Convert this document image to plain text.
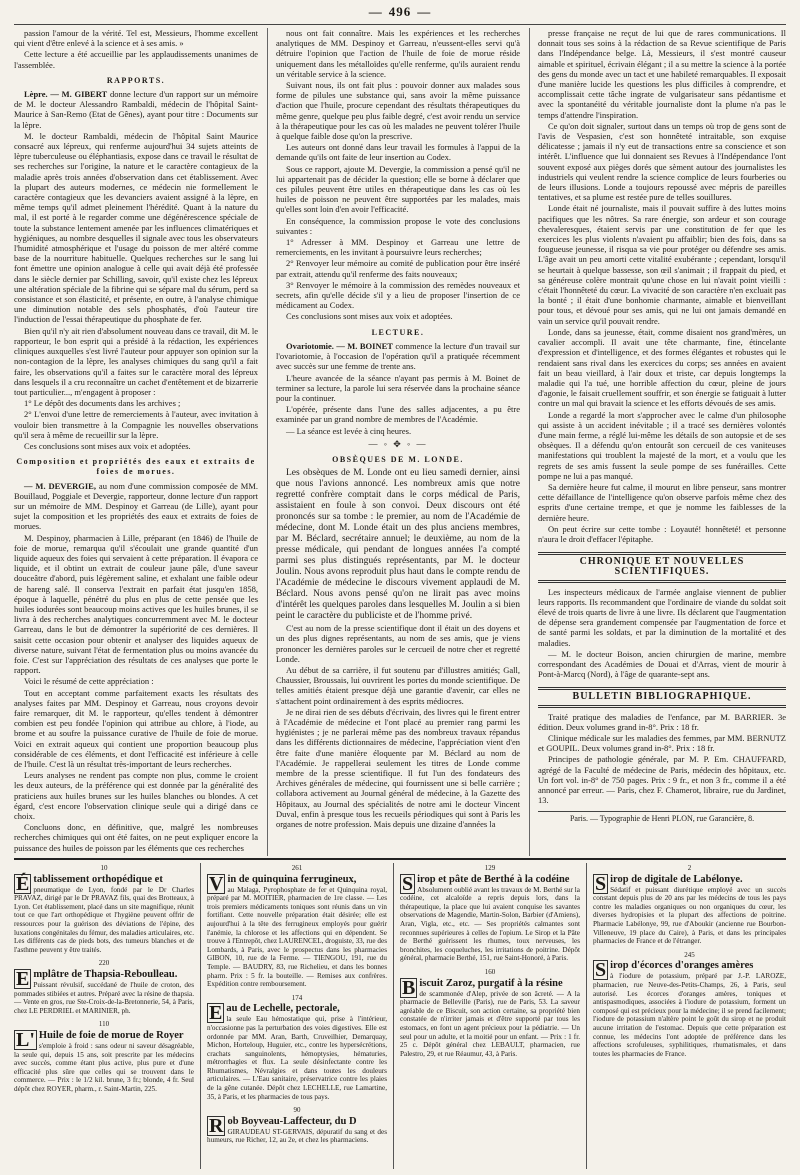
— 496 —

passion l'amour de la vérité. Tel est, Messieurs, l'homme excellent qui vient d'être enlevé à la science et à ses amis. »

Cette lecture a été accueillie par les applaudissements unanimes de l'assemblée.

RAPPORTS.

Lèpre. — M. GIBERT donne lecture d'un rapport sur un mémoire de M. le docteur Alessandro Rambaldi, médecin de l'hôpital Saint-Maurice à San-Remo (Etat de Gênes), ayant pour titre : Documents sur la lèpre.

M. le docteur Rambaldi, médecin de l'hôpital Saint Maurice consacré aux lépreux, qui renferme aujourd'hui 34 sujets atteints de lèpre tuberculeuse ou éléphantiasis, expose dans ce travail le résultat de ses recherches sur l'origine, la nature et le caractère contagieux de la maladie après trois années d'observation dans cet établissement. Avec la plupart des auteurs modernes, ce médecin nie formellement le caractère contagieux que les devanciers avaient assigné à la lèpre, en même temps qu'il admet pleinement l'hérédité. Quant à la nature du mal, il est porté à le regarder comme une dégénérescence spéciale de toute la substance lentement amenée par les influences climatériques et hygiéniques, au nombre desquelles il signale avec tous les observateurs l'humidité atmosphérique et l'usage du poisson de mer altéré comme base de la nourriture habituelle. Quelques recherches sur le sang lui font émettre une opinion analogue à celle qui avait déjà été professée dans le siècle dernier par Schilling, savoir, qu'il existe chez les lépreux une altération spéciale de la fibrine qui se sépare mal du sérum, perd sa consistance et son élasticité, et présente, en outre, à l'analyse chimique une diminution notable des sels phosphatés, d'où l'auteur tire l'induction de l'essai thérapeutique du phosphate de fer.

Bien qu'il n'y ait rien d'absolument nouveau dans ce travail, dit M. le rapporteur, le bon esprit qui a présidé à la rédaction, les expériences cliniques auxquelles s'est livré l'auteur pour appuyer son opinion sur la non-contagion de la lèpre, les analyses chimiques du sang qu'il a fait faire, les observations qu'il a faites sur le caractère moral des lépreux dans lesquels il a cru reconnaître un cachet d'entêtement et de bizarrerie tout particulier..., m'engagent à proposer :

1° Le dépôt des documents dans les archives ;

2° L'envoi d'une lettre de remerciements à l'auteur, avec invitation à vouloir bien transmettre à la Compagnie les nouvelles observations qu'il sera à même de recueillir sur la lèpre.

Ces conclusions sont mises aux voix et adoptées.

Composition et propriétés des eaux et extraits de foies de morues.

— M. DEVERGIE, au nom d'une commission composée de MM. Bouillaud, Poggiale et Devergie, rapporteur, donne lecture d'un rapport sur un mémoire de MM. Despinoy et Garreau (de Lille), ayant pour sujet la composition et les propriétés des eaux et extraits de foies de morues.

M. Despinoy, pharmacien à Lille, préparant (en 1846) de l'huile de foie de morue, remarqua qu'il s'écoulait une grande quantité d'un liquide aqueux des foies qui servaient à cette préparation. Il évapora ce liquide, et il obtint un extrait de couleur jaune pâle, d'une saveur douceâtre d'abord, puis légèrement saline, et exhalant une faible odeur de hareng salé. Il conserva l'extrait en parfait état jusqu'en 1858, époque à laquelle, pénétré du plus en plus de cette pensée que les huiles iodurées sont beaucoup moins actives que les huiles brunes, il se livra à des recherches analytiques concurremment avec M. le docteur Garreau, dans le but de démontrer la supériorité de ces dernières. Il saisit cette occasion pour obtenir et analyser des liquides aqueux de diverse nature, suivant l'état de fermentation plus ou moins avancée du foie. C'est sur l'appréciation des résultats de ces analyses que porte le rapport.

Voici le résumé de cette appréciation :

Tout en acceptant comme parfaitement exacts les résultats des analyses faites par MM. Despinoy et Garreau, nous croyons devoir faire remarquer, dit M. le rapporteur, qu'elles tendent à démontrer combien est peu fondée l'opinion qui attribue au chlore, à l'iode, au brome et au soufre la puissance curative de l'huile de foie de morue. Voici en extrait aqueux qui contient une proportion beaucoup plus considérable de ces éléments, et dont l'efficacité est inférieure à celle de l'huile. C'est là un résultat très-important de leurs recherches.

Leurs analyses ne rendent pas compte non plus, comme le croient les deux auteurs, de la préférence qui est donnée par la généralité des praticiens aux huiles brunes sur les huiles blanches ou blondes. A cet égard, c'est encore l'observation clinique seule qui a dirigé dans ce choix.

Concluons donc, en définitive, que, malgré les nombreuses recherches chimiques qui ont été faites, on ne peut expliquer encore la puissance des huiles de poisson par les éléments que ces recherches

nous ont fait connaître. Mais les expériences et les recherches analytiques de MM. Despinoy et Garreau, n'eussent-elles servi qu'à détruire l'opinion que l'action de l'huile de foie de morue réside uniquement dans les métalloïdes qu'elle renferme, qu'ils auraient rendu un véritable service à la science.

Suivant nous, ils ont fait plus : pouvoir donner aux malades sous forme de pilules une substance qui, sans avoir la même puissance d'action que l'huile, procure cependant des résultats thérapeutiques du même genre, quelque peu plus faible degré, c'est avoir rendu un service à la thérapeutique pour les cas où les malades ne peuvent tolérer l'huile à quelque faible dose qu'on la prescrive.

Les auteurs ont donné dans leur travail les formules à l'appui de la demande qu'ils ont faite de leur insertion au Codex.

Sous ce rapport, ajoute M. Devergie, la commission a pensé qu'il ne lui appartenait pas de décider la question; elle se borne à déclarer que ces pilules peuvent être utiles en thérapeutique dans les cas où les huiles de poisson ne peuvent être supportées par les malades, mais qu'elles sont loin d'en avoir l'efficacité.

En conséquence, la commission propose le vote des conclusions suivantes :

1° Adresser à MM. Despinoy et Garreau une lettre de remerciements, en les invitant à poursuivre leurs recherches;

2° Renvoyer leur mémoire au comité de publication pour être inséré par extrait, attendu qu'il renferme des faits nouveaux;

3° Renvoyer le mémoire à la commission des remèdes nouveaux et secrets, afin qu'elle décide s'il y a lieu de proposer l'insertion de ce médicament au Codex.

Ces conclusions sont mises aux voix et adoptées.

LECTURE.

Ovariotomie. — M. BOINET commence la lecture d'un travail sur l'ovariotomie, à l'occasion de l'opération qu'il a pratiquée récemment avec succès sur une femme de trente ans.

L'heure avancée de la séance n'ayant pas permis à M. Boinet de terminer sa lecture, la parole lui sera réservée dans la prochaine séance pour la continuer.

L'opérée, présente dans l'une des salles adjacentes, a pu être examinée par un grand nombre de membres de l'Académie.

— La séance est levée à cinq heures.

— ◦ ✥ ◦ —
OBSÈQUES DE M. LONDE.

Les obsèques de M. Londe ont eu lieu samedi dernier, ainsi que nous l'avions annoncé. Les nombreux amis que notre regretté confrère comptait dans le corps médical de Paris, assistaient en foule à son convoi. Deux discours ont été prononcés sur sa tombe : le premier, au nom de l'Académie de médecine, dont M. Londe était un des plus anciens membres, par M. Béclard, secrétaire annuel; le deuxième, au nom de la presse médicale, qui pendant de longues années l'a compté parmi ses plus distingués représentants, par M. le docteur Joulin. Nous avons reproduit plus haut dans le compte rendu de l'Académie de médecine le discours vivement applaudi de M. Béclard. Nous avons pensé qu'on ne lirait pas avec moins d'intérêt les quelques paroles dans lesquelles M. Joulin a si bien peint le caractère du publiciste et de l'homme privé.

C'est au nom de la presse scientifique dont il était un des doyens et un des plus dignes représentants, au nom de ses amis, que je viens prononcer les dernières paroles sur le cercueil de notre cher et regretté Londe.

Au début de sa carrière, il fut soutenu par d'illustres amitiés; Gall, Chaussier, Broussais, lui ouvrirent les portes du monde scientifique. De telles amitiés étaient presque déjà une garantie d'avenir, car elles ne s'attachent point ordinairement à des esprits médiocres.

Je ne dirai rien de ses débuts d'écrivain, des livres qui le firent entrer à l'Académie de médecine et l'ont placé au premier rang parmi les hygiénistes ; je ne parlerai même pas des nombreux travaux répandus dans les différents dictionnaires de médecine, l'appréciation vient d'en être faite d'une manière éloquente par M. Béclard au nom de l'Académie. Je rappellerai seulement les titres de Londe comme membre de la presse scientifique. Il fut l'un des fondateurs des Archives générales de médecine, qui fournissent une si belle carrière ; collabora activement au Journal général de médecine, à la Gazette des Hôpitaux, au Journal des spécialités de notre ami le docteur Vincent Duval, enfin à presque tous les recueils périodiques qui sont à Paris les organes de notre profession. Mais depuis une dizaine d'années la

presse française ne reçut de lui que de rares communications. Il donnait tous ses soins à la rédaction de sa Revue scientifique de Paris dans l'Indépendance belge. Là, Messieurs, il s'est montré causeur aimable et spirituel, écrivain élégant ; il a su mettre la science à la portée des gens du monde avec un tact et une habileté remarquables. Il exposait d'une manière lucide les questions les plus difficiles à comprendre, et accomplissait cette tâche ingrate de vulgarisateur sans pédantisme et avec la spontanéité du véritable journaliste dont la plume n'a pas le temps d'attendre l'inspiration.

Ce qu'on doit signaler, surtout dans un temps où trop de gens sont de l'avis de Vespasien, c'est son honnêteté intraitable, son exquise délicatesse ; jamais il n'y eut de transactions entre sa conscience et son intérêt. L'influence que lui donnaient ses Revues à l'Indépendance l'ont souvent exposé aux pièges dorés que sèment autour des journalistes les industriels qui veulent rendre la science complice de leurs fourberies ou de leurs illusions. Londe a toujours repoussé avec mépris de pareilles tentatives, et sa plume est restée pure de telles souillures.

Londe était né journaliste, mais il pouvait suffire à des luttes moins pacifiques que les nôtres. Sa rare énergie, son ardeur et son courage chevaleresques, étaient servis par une constitution de fer que les exercices les plus violents n'avaient pu affaiblir; bien des fois, dans sa fougueuse jeunesse, il risqua sa vie pour protéger ou défendre ses amis. L'âge avait un peu amorti cette vitalité exubérante ; cependant, lorsqu'il se heurtait à quelque bassesse, son œil s'animait ; il frappait du pied, et sa généreuse colère montrait qu'une chose en lui n'avait point vieilli : c'était l'honnêteté du cœur. La vivacité de son caractère n'en excluait pas la bonté ; il était d'une bonhomie charmante, aimable et bienveillant pour tous, et dévoué pour ses amis, qui ne lui ont jamais demandé en vain un service qu'il pouvait rendre.

Londe, dans sa jeunesse, était, comme disaient nos grand'mères, un cavalier accompli. Il avait une tête charmante, fine, étincelante d'expression et d'intelligence, et des formes élégantes et robustes qui le rendaient sans rival dans les exercices du corps; ses années en avaient fait un beau vieillard, à l'air doux et triste, car depuis longtemps la maladie qui l'a tué, une horrible affection du cœur, pleine de jours d'agonie, le faisait cruellement souffrir, et son énergie se fatiguait à lutter contre un mal qui bravait la science et les efforts dévoués de ses amis.

Londe a regardé la mort s'approcher avec le calme d'un philosophe qui assiste à un accident inévitable ; il a tracé ses dernières volontés d'une main ferme, a réglé lui-même les détails de son autopsie et de ses obsèques. Il a défendu qu'on entourât son cercueil de ces vaniteuses manifestations qui troublent la majesté de la mort, et a voulu que les regrets de ses amis fussent la seule pompe de ses funérailles. Cette pompe ne lui a pas manqué.

Sa dernière heure fut calme, il mourut en libre penseur, sans montrer cette défaillance de l'intelligence qu'on observe parfois même chez des esprits d'une certaine trempe, et que je nomme les faiblesses de la dernière heure.

On peut écrire sur cette tombe : Loyauté! honnêteté! et personne n'aura le droit d'effacer l'épitaphe.

CHRONIQUE ET NOUVELLES SCIENTIFIQUES.

Les inspecteurs médicaux de l'armée anglaise viennent de publier leurs rapports. Ils recommandent que l'ordinaire de viande du soldat soit élevé de trois quarts de livre à une livre. Ils déclarent que l'augmentation de dépense sera grandement compensée par l'augmentation de force et de santé parmi les soldats, et par la diminution de la mortalité et des maladies.

— M. le docteur Boison, ancien chirurgien de marine, membre correspondant des Académies de Douai et d'Arras, vient de mourir à Pont-à-Marcq (Nord), à l'âge de quarante-sept ans.

BULLETIN BIBLIOGRAPHIQUE.

Traité pratique des maladies de l'enfance, par M. BARRIER. 3e édition. Deux volumes grand in-8°. Prix : 18 fr.

Clinique médicale sur les maladies des femmes, par MM. BERNUTZ et GOUPIL. Deux volumes grand in-8°. Prix : 18 fr.

Principes de pathologie générale, par M. P. Em. CHAUFFARD, agrégé de la Faculté de médecine de Paris, médecin des hôpitaux, etc. Un fort vol. in-8° de 750 pages. Prix : 9 fr., et non 3 fr., comme il a été annoncé par erreur. — Paris, chez F. Chamerot, libraire, rue du Jardinet, 13.

Paris. — Typographie de Henri PLON, rue Garancière, 8.
10
Établissement orthopédique et
pneumatique de Lyon, fondé par le Dr Charles PRAVAZ, dirigé par le Dr PRAVAZ fils, quai des Brotteaux, à Lyon. Cet établissement, placé dans un site magnifique, réunit tout ce que l'art orthopédique et l'hygiène peuvent offrir de ressources pour la guérison des déviations de l'épine, des luxations congénitales du fémur, des maladies articulaires, etc. Les différents cas de pieds bots, des tumeurs blanches et de l'asthme peuvent y être traités.
220
Emplâtre de Thapsia-Reboulleau.
Puissant révulsif, succédané de l'huile de croton, des pommades stibiées et autres. Préparé avec la résine de thapsia. — Vente en gros, rue Ste-Croix-de-la-Bretonnerie, 54, à Paris, chez LE PERDRIEL et MARINIER, ph.
110
L'Huile de foie de morue de Royer
s'emploie à froid : sans odeur ni saveur désagréable, la seule qui, depuis 15 ans, soit prescrite par les médecins avec succès, comme étant plus active, plus pure et d'une efficacité plus sûre que celles qui se trouvent dans le commerce. — Prix : le 1/2 kil. brune, 3 fr.; blonde, 4 fr. Seul dépôt chez ROYER, pharm., r. Saint-Martin, 225.
261
Vin de quinquina ferrugineux,
au Malaga, Pyrophosphate de fer et Quinquina royal, préparé par M. MOITIER, pharmacien de 1re classe. — Les trois premiers médicaments toniques sont réunis dans un vin fortifiant. Cette nouvelle préparation était désirée; elle est aujourd'hui à la tête des ferrugineux employés pour guérir l'anémie, la chlorose et les affections qui en dépendent. Se trouve à l'Entrepôt, chez LAURENCEL, droguiste, 33, rue des Lombards, à Paris, avec le prospectus dans les pharmacies GIBON, 10, rue de la Ferme. — TIENGOU, 191, rue du Temple. — BAUDRY, 83, rue Richelieu, et dans les bonnes pharm. Prix : 5 fr. la bouteille. — Remises aux confrères. Expédition contre remboursement.
174
Eau de Lechelle, pectorale,
la seule Eau hémostatique qui, prise à l'intérieur, n'occasionne pas la perturbation des voies digestives. Elle est ordonnée par MM. Aran, Barth, Cruveilhier, Demarquay, Michon, Horteloup, Huguier, etc., contre les hypersécrétions, crachats sanguinolents, hémoptysies, hématuries, métrorrhagies et flux. La seule désinfectante contre les Rhumatismes, Névralgies et dans toutes les douleurs articulaires. — L'Eau sanitaire, préservatrice contre les plaies de la gêne cutanée. Dépôt chez LECHELLE, rue Lamartine, 35, à Paris, et les pharmacies de tous pays.
90
Rob Boyveau-Laffecteur, du D
GIRAUDEAU ST-GERVAIS, dépuratif du sang et des humeurs, rue Richer, 12, au 2e, et chez les pharmaciens.
129
Sirop et pâte de Berthé à la codéine
Absolument oublié avant les travaux de M. Berthé sur la codéine, cet alcaloïde a repris depuis lors, dans la thérapeutique, la place que lui avaient conquise les savantes observations de Magendie, Martin-Solon, Barbier (d'Amiens), Aran, Vigla, etc., etc. — Ses propriétés calmantes sont reconnues supérieures à celles de l'opium. Le Sirop et la Pâte de Berthé guérissent les rhumes, toux nerveuses, les bronchites, les coqueluches, les irritations de poitrine. Dépôt général, pharmacie Berthé, 151, rue Saint-Honoré, à Paris.
160
Biscuit Zaroz, purgatif à la résine
de scammonée d'Alep, privée de son âcreté. — A la pharmacie de Belleville (Paris), rue de Paris, 53. La saveur agréable de ce Biscuit, son action certaine, sa propriété bien constatée de n'irriter jamais et d'être supporté par tous les estomacs, en font un agent précieux pour la pédiatrie. — Un seul pour un adulte, et la moitié pour un enfant. — Prix : 1 fr. 25 c. Dépôt général chez LEBAULT, pharmacien, rue Palestro, 29, et rue Réaumur, 43, à Paris.
2
Sirop de digitale de Labélonye.
Sédatif et puissant diurétique employé avec un succès constant depuis plus de 20 ans par les médecins de tous les pays contre les maladies organiques ou non organiques du cœur, les diverses hydropisies et la plupart des affections de poitrine. Pharmacie Labélonye, 99, rue d'Aboukir (ancienne rue Bourbon-Villeneuve, 19 place du Caire), à Paris, et dans les principales pharmacies de France et de l'étranger.
245
Sirop d'écorces d'oranges amères
à l'iodure de potassium, préparé par J.-P. LAROZE, pharmacien, rue Neuve-des-Petits-Champs, 26, à Paris, seul autorisé. Les écorces d'oranges amères, toniques et antispasmodiques, associées à l'iodure de potassium, forment un composé qui est précieux pour la médecine; il se prend facilement; l'iodure de potassium n'altère point le goût du sirop et ne produit aucune irritation de l'estomac. Depuis que cette préparation est connue, les médecins l'ont adoptée de préférence dans les affections scrofuleuses, syphilitiques, rhumatismales, et dans toutes les pharmacies de France.
